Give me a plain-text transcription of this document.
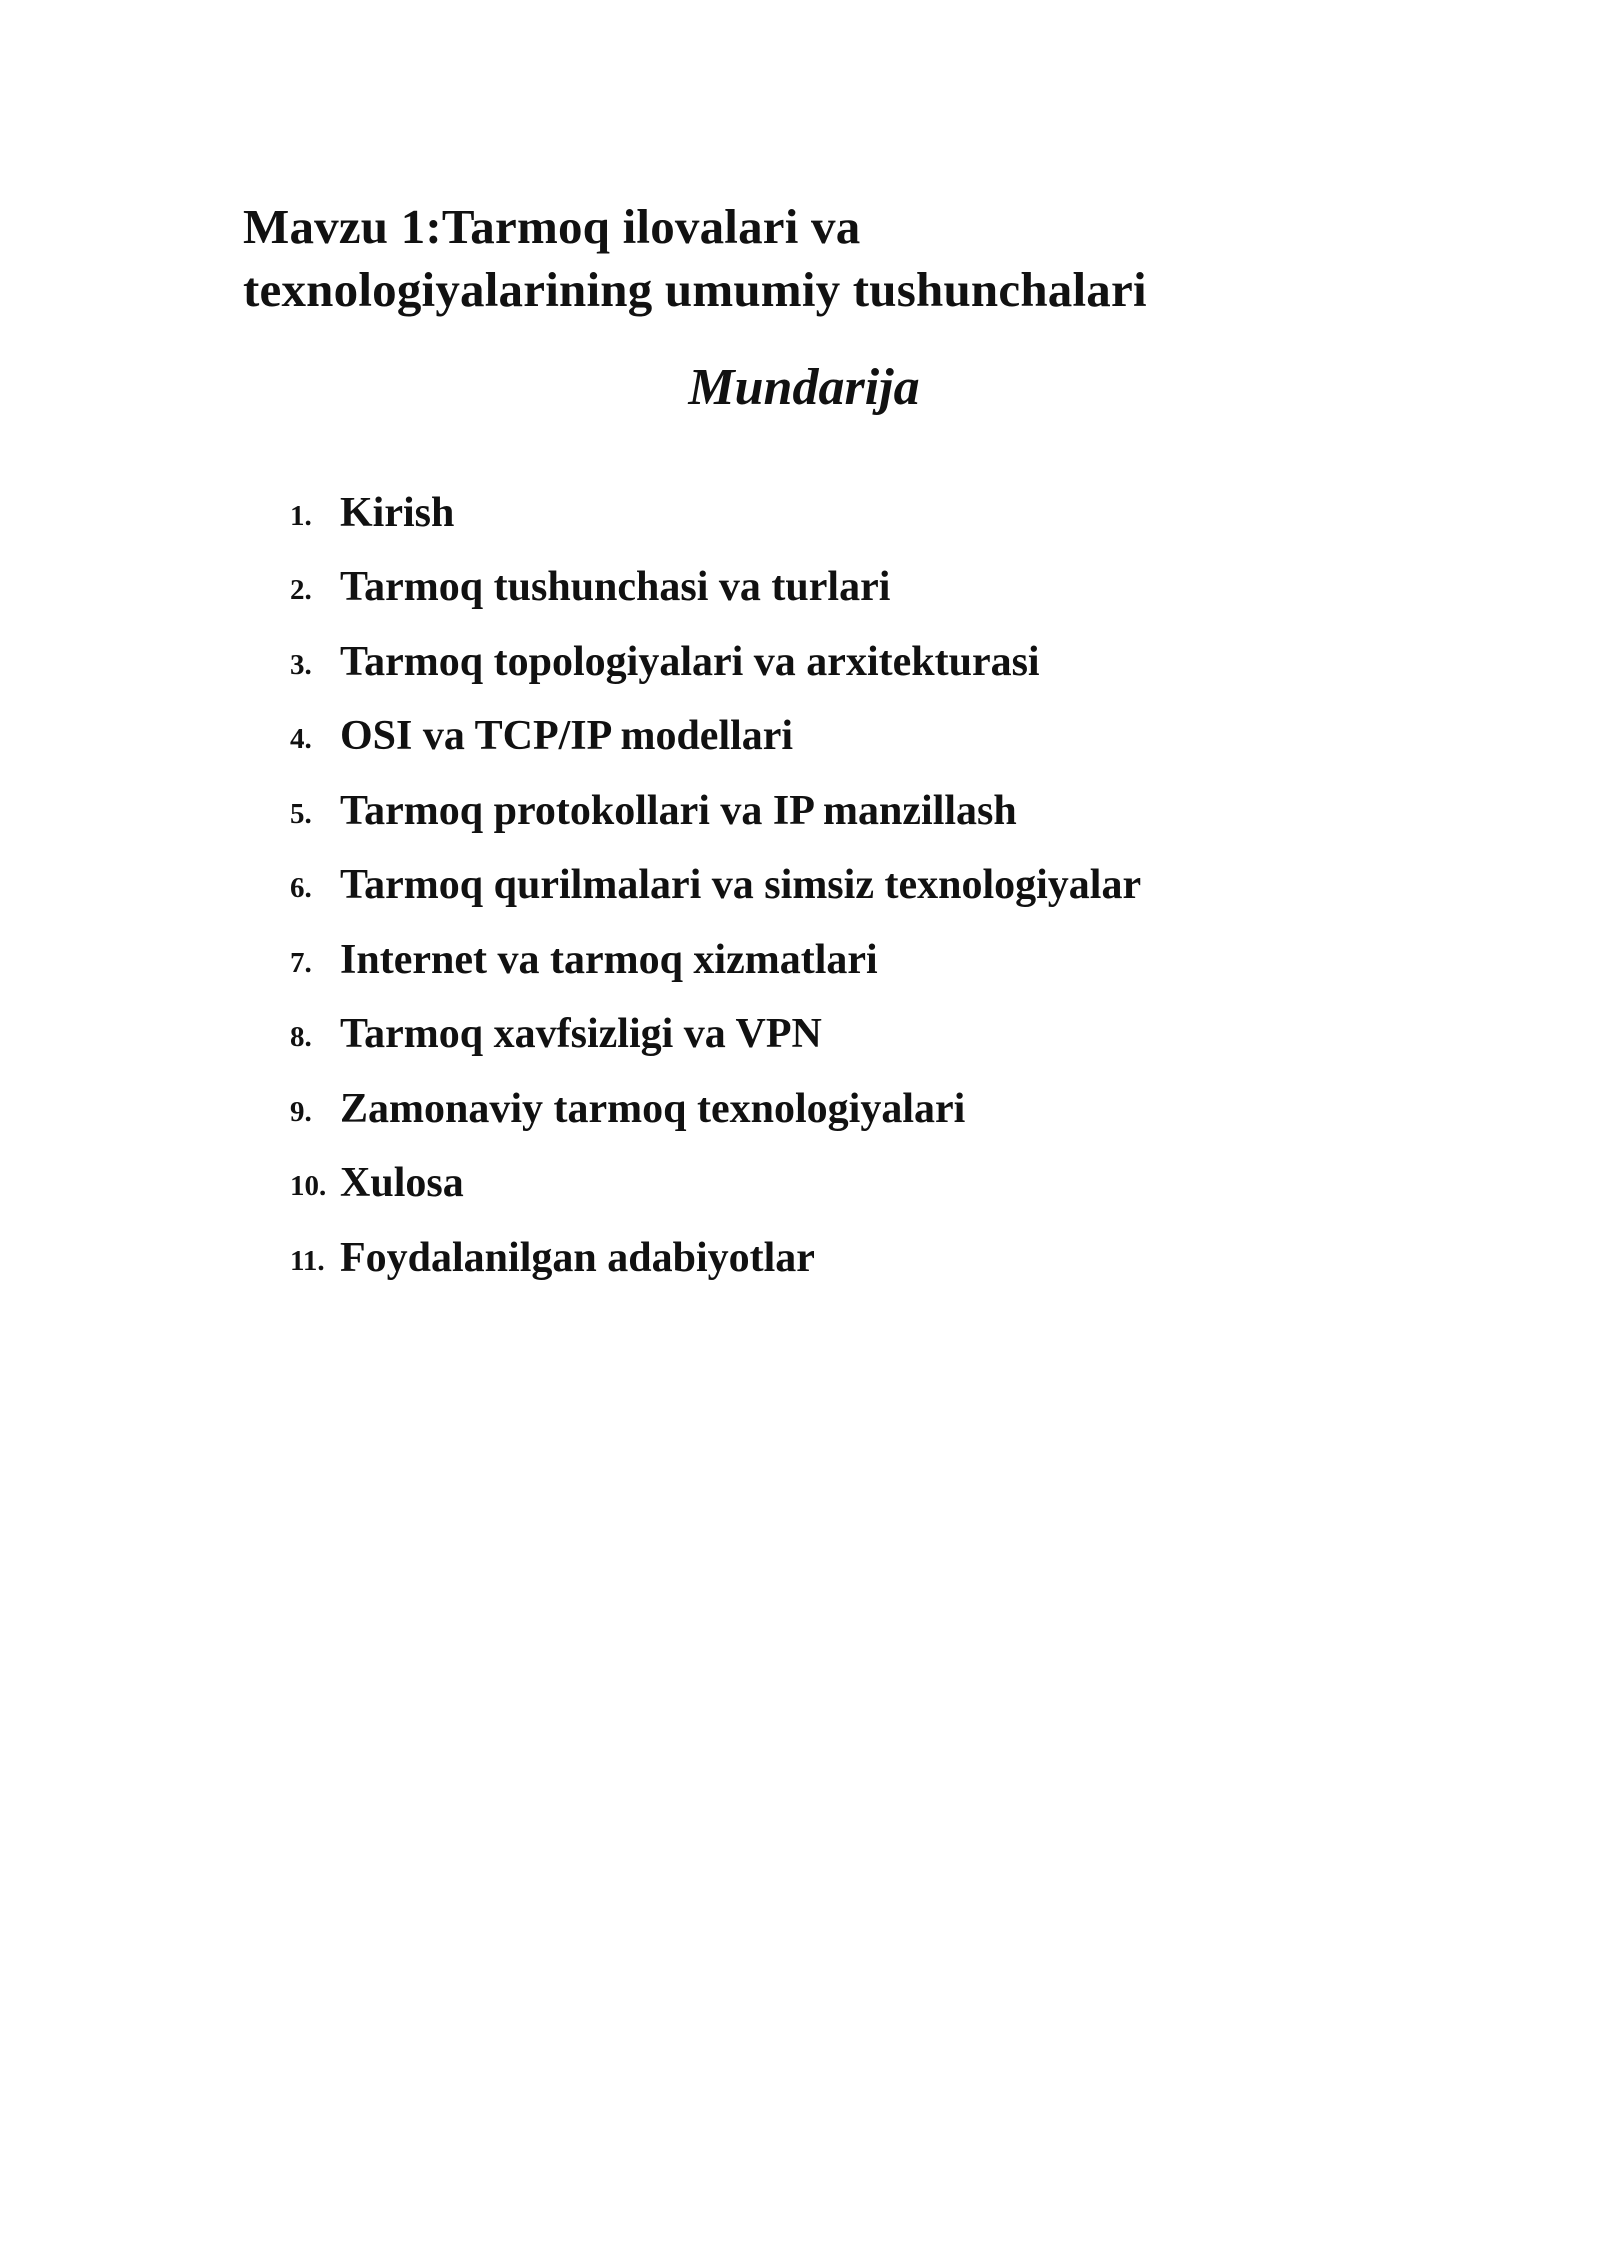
Mavzu 1:Tarmoq ilovalari va
texnologiyalarining umumiy tushunchalari
Mundarija
1. Kirish
2. Tarmoq tushunchasi va turlari
3. Tarmoq topologiyalari va arxitekturasi
4. OSI va TCP/IP modellari
5. Tarmoq protokollari va IP manzillash
6. Tarmoq qurilmalari va simsiz texnologiyalar
7. Internet va tarmoq xizmatlari
8. Tarmoq xavfsizligi va VPN
9. Zamonaviy tarmoq texnologiyalari
10. Xulosa
11. Foydalanilgan adabiyotlar
